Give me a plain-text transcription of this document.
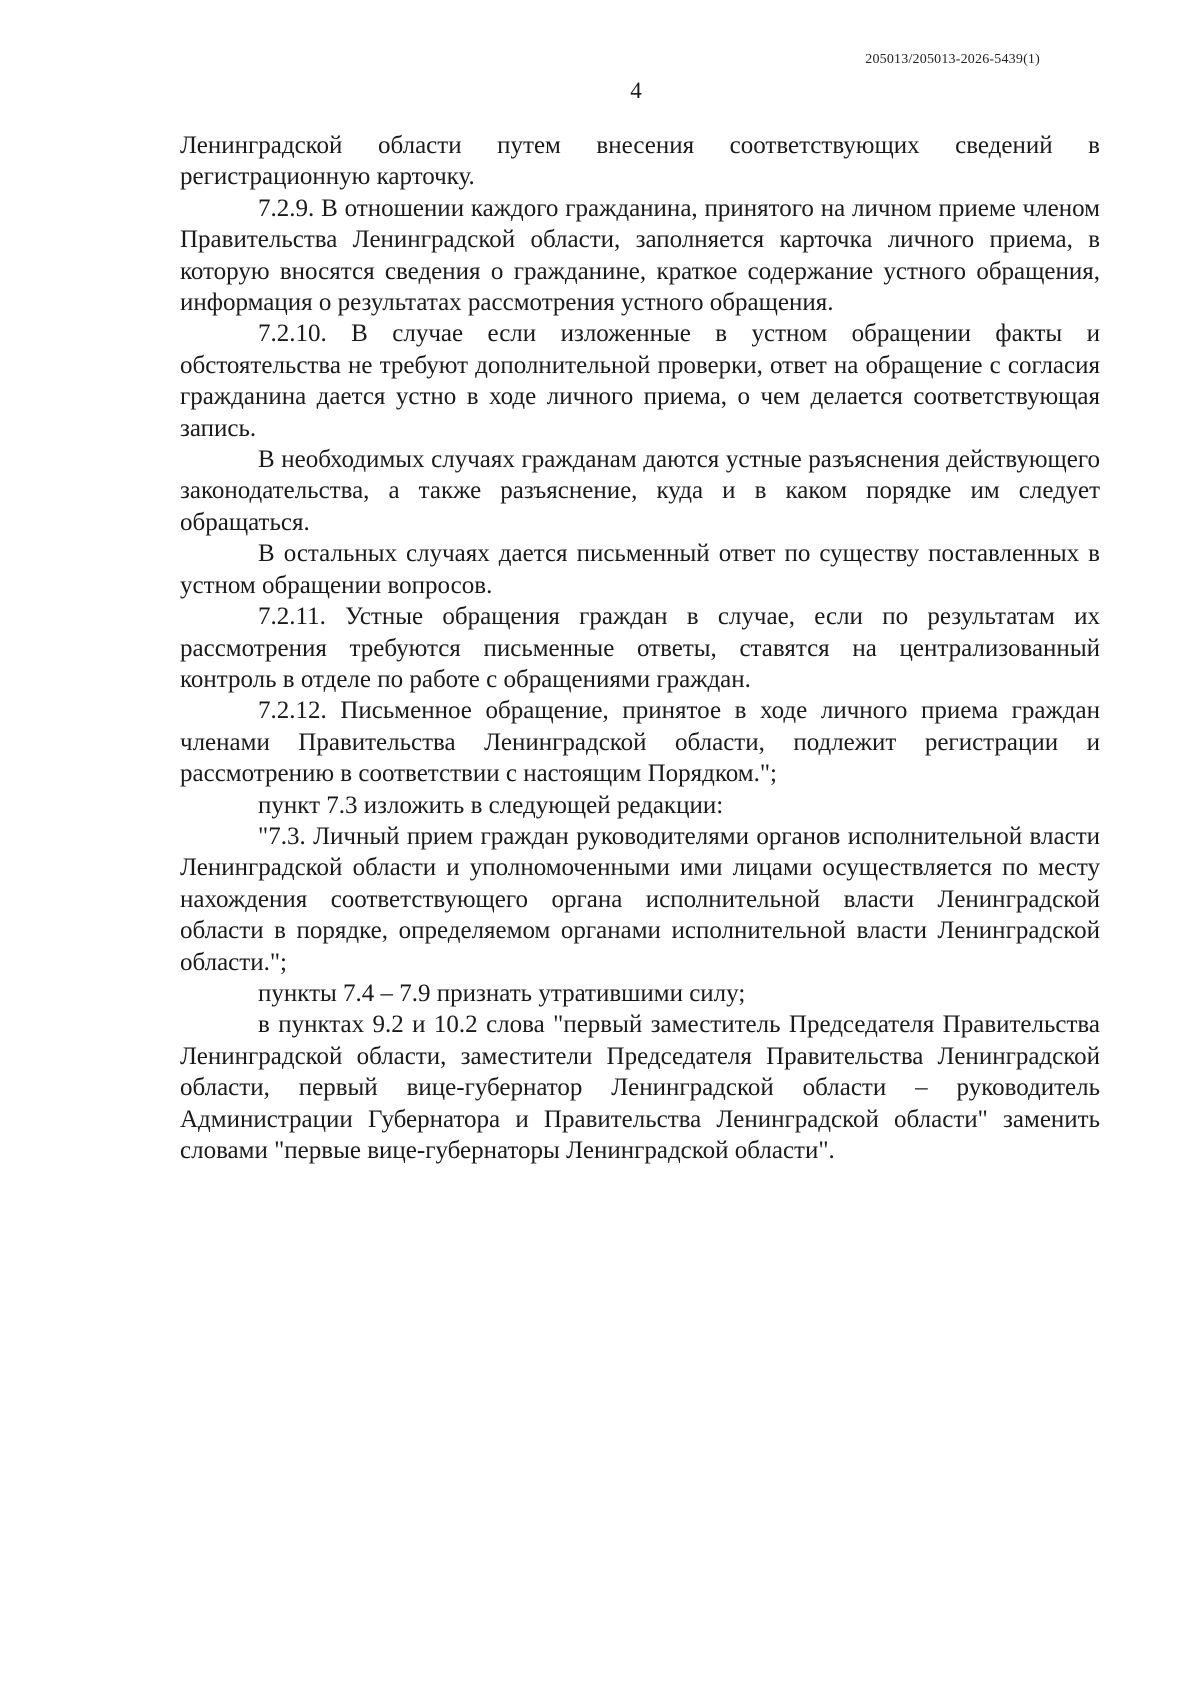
205013/205013-2026-5439(1)
4

Ленинградской области путем внесения соответствующих сведений в регистрационную карточку.

7.2.9. В отношении каждого гражданина, принятого на личном приеме членом Правительства Ленинградской области, заполняется карточка личного приема, в которую вносятся сведения о гражданине, краткое содержание устного обращения, информация о результатах рассмотрения устного обращения.

7.2.10. В случае если изложенные в устном обращении факты и обстоятельства не требуют дополнительной проверки, ответ на обращение с согласия гражданина дается устно в ходе личного приема, о чем делается соответствующая запись.

В необходимых случаях гражданам даются устные разъяснения действующего законодательства, а также разъяснение, куда и в каком порядке им следует обращаться.

В остальных случаях дается письменный ответ по существу поставленных в устном обращении вопросов.

7.2.11. Устные обращения граждан в случае, если по результатам их рассмотрения требуются письменные ответы, ставятся на централизованный контроль в отделе по работе с обращениями граждан.

7.2.12. Письменное обращение, принятое в ходе личного приема граждан членами Правительства Ленинградской области, подлежит регистрации и рассмотрению в соответствии с настоящим Порядком.";

пункт 7.3 изложить в следующей редакции:

"7.3. Личный прием граждан руководителями органов исполнительной власти Ленинградской области и уполномоченными ими лицами осуществляется по месту нахождения соответствующего органа исполнительной власти Ленинградской области в порядке, определяемом органами исполнительной власти Ленинградской области.";

пункты 7.4 – 7.9 признать утратившими силу;

в пунктах 9.2 и 10.2 слова "первый заместитель Председателя Правительства Ленинградской области, заместители Председателя Правительства Ленинградской области, первый вице-губернатор Ленинградской области – руководитель Администрации Губернатора и Правительства Ленинградской области" заменить словами "первые вице-губернаторы Ленинградской области".
